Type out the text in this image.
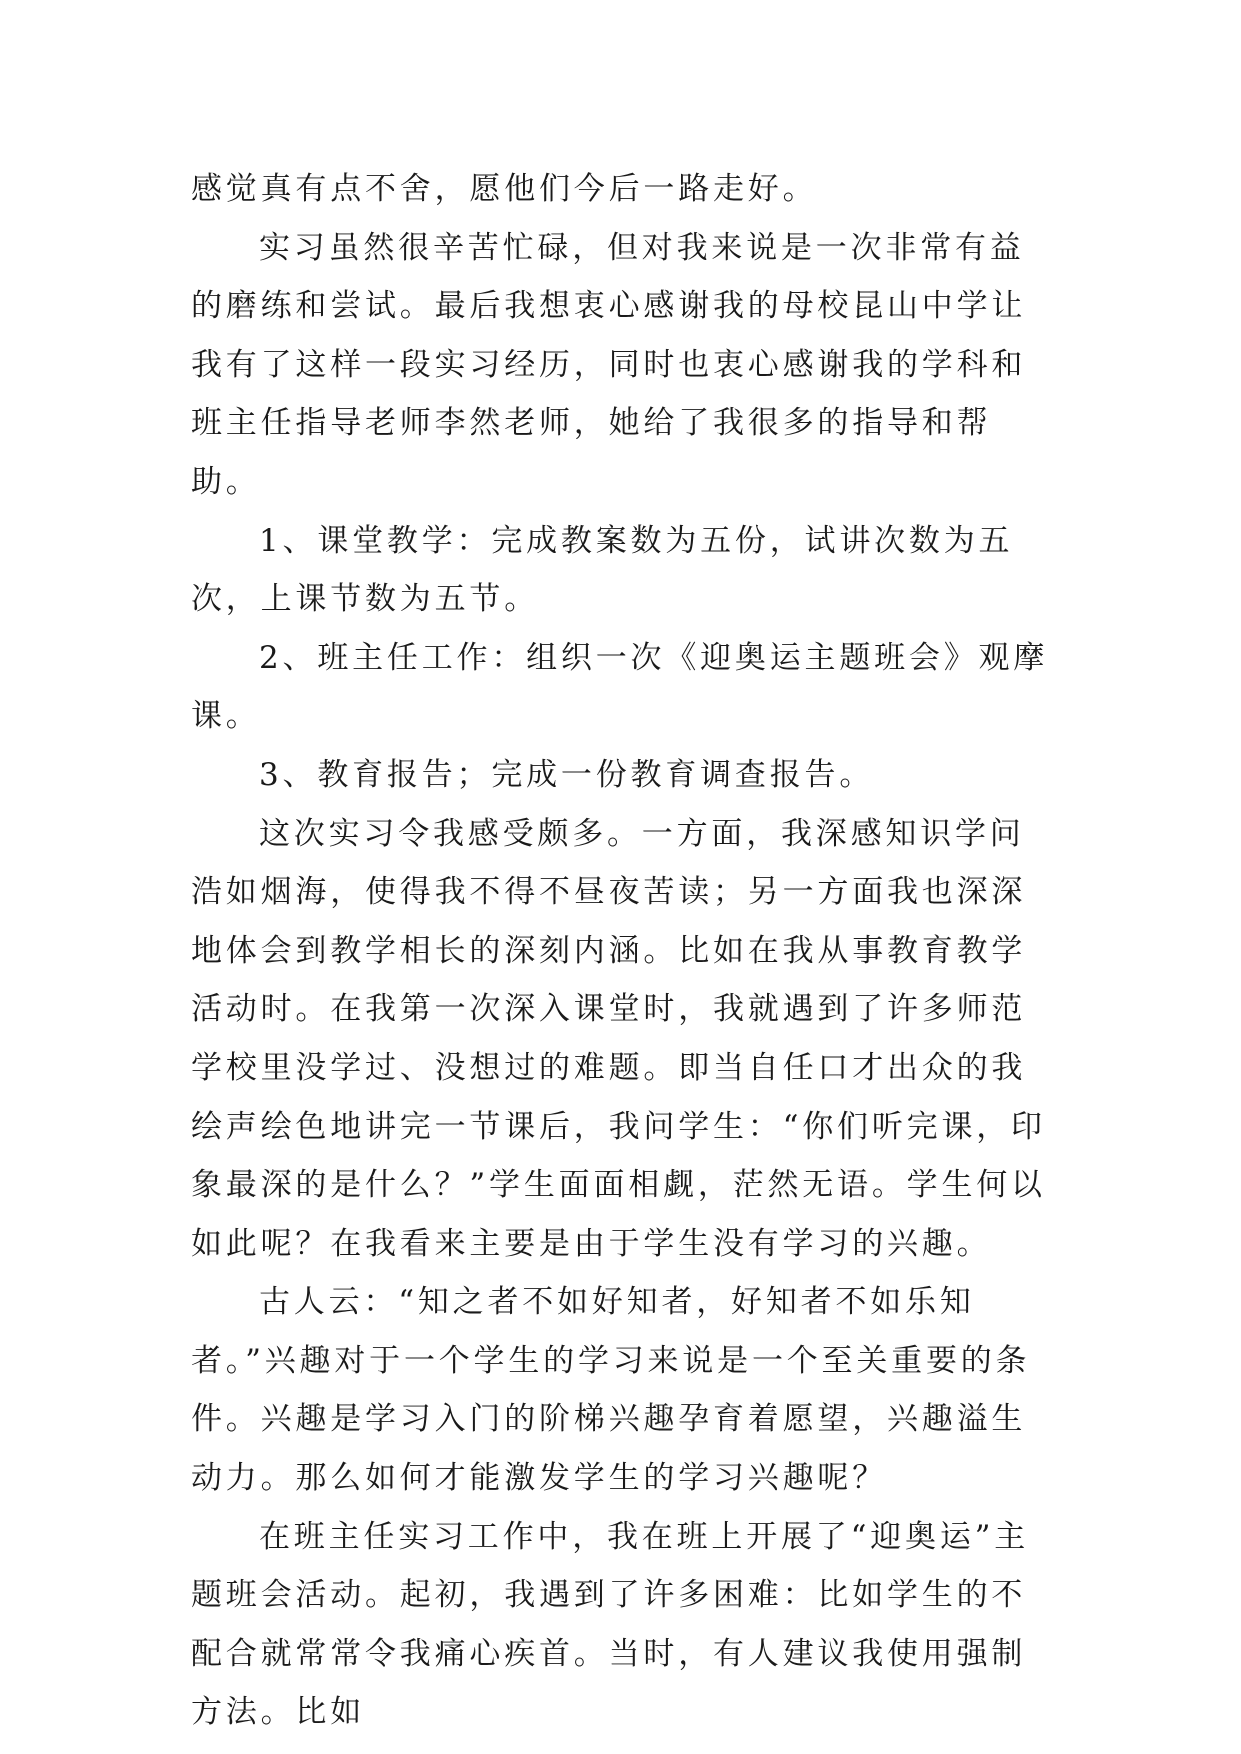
感觉真有点不舍，愿他们今后一路走好。

实习虽然很辛苦忙碌，但对我来说是一次非常有益的磨练和尝试。最后我想衷心感谢我的母校昆山中学让我有了这样一段实习经历，同时也衷心感谢我的学科和班主任指导老师李然老师，她给了我很多的指导和帮助。

1、课堂教学：完成教案数为五份，试讲次数为五次，上课节数为五节。

2、班主任工作：组织一次《迎奥运主题班会》观摩课。

3、教育报告；完成一份教育调查报告。

这次实习令我感受颇多。一方面，我深感知识学问浩如烟海，使得我不得不昼夜苦读；另一方面我也深深地体会到教学相长的深刻内涵。比如在我从事教育教学活动时。在我第一次深入课堂时，我就遇到了许多师范学校里没学过、没想过的难题。即当自任口才出众的我绘声绘色地讲完一节课后，我问学生：“你们听完课，印象最深的是什么？”学生面面相觑，茫然无语。学生何以如此呢？在我看来主要是由于学生没有学习的兴趣。

古人云：“知之者不如好知者，好知者不如乐知者。”兴趣对于一个学生的学习来说是一个至关重要的条件。兴趣是学习入门的阶梯兴趣孕育着愿望，兴趣溢生动力。那么如何才能激发学生的学习兴趣呢？

在班主任实习工作中，我在班上开展了“迎奥运”主题班会活动。起初，我遇到了许多困难：比如学生的不配合就常常令我痛心疾首。当时，有人建议我使用强制方法。比如
